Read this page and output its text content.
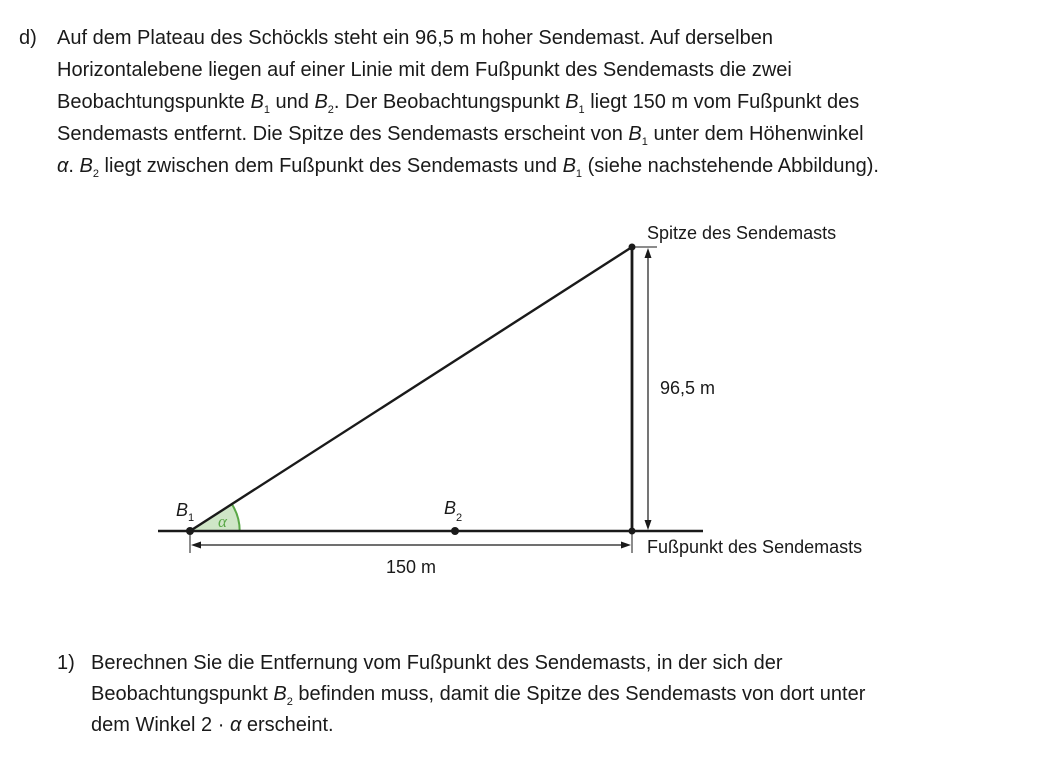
d) Auf dem Plateau des Schöckls steht ein 96,5 m hoher Sendemast. Auf derselben
Horizontalebene liegen auf einer Linie mit dem Fußpunkt des Sendemasts die zwei
Beobachtungspunkte $B_1$ und $B_2$. Der Beobachtungspunkt $B_1$ liegt 150 m vom Fußpunkt des
Sendemasts entfernt. Die Spitze des Sendemasts erscheint von $B_1$ unter dem Höhenwinkel
α. $B_2$ liegt zwischen dem Fußpunkt des Sendemasts und $B_1$ (siehe nachstehende Abbildung).
Spitze des Sendemasts
96,5 m
Fußpunkt des Sendemasts
150 m
$B_1$	$B_2$
α
1) Berechnen Sie die Entfernung vom Fußpunkt des Sendemasts, in der sich der
Beobachtungspunkt $B_2$ befinden muss, damit die Spitze des Sendemasts von dort unter
dem Winkel 2 · α erscheint.
